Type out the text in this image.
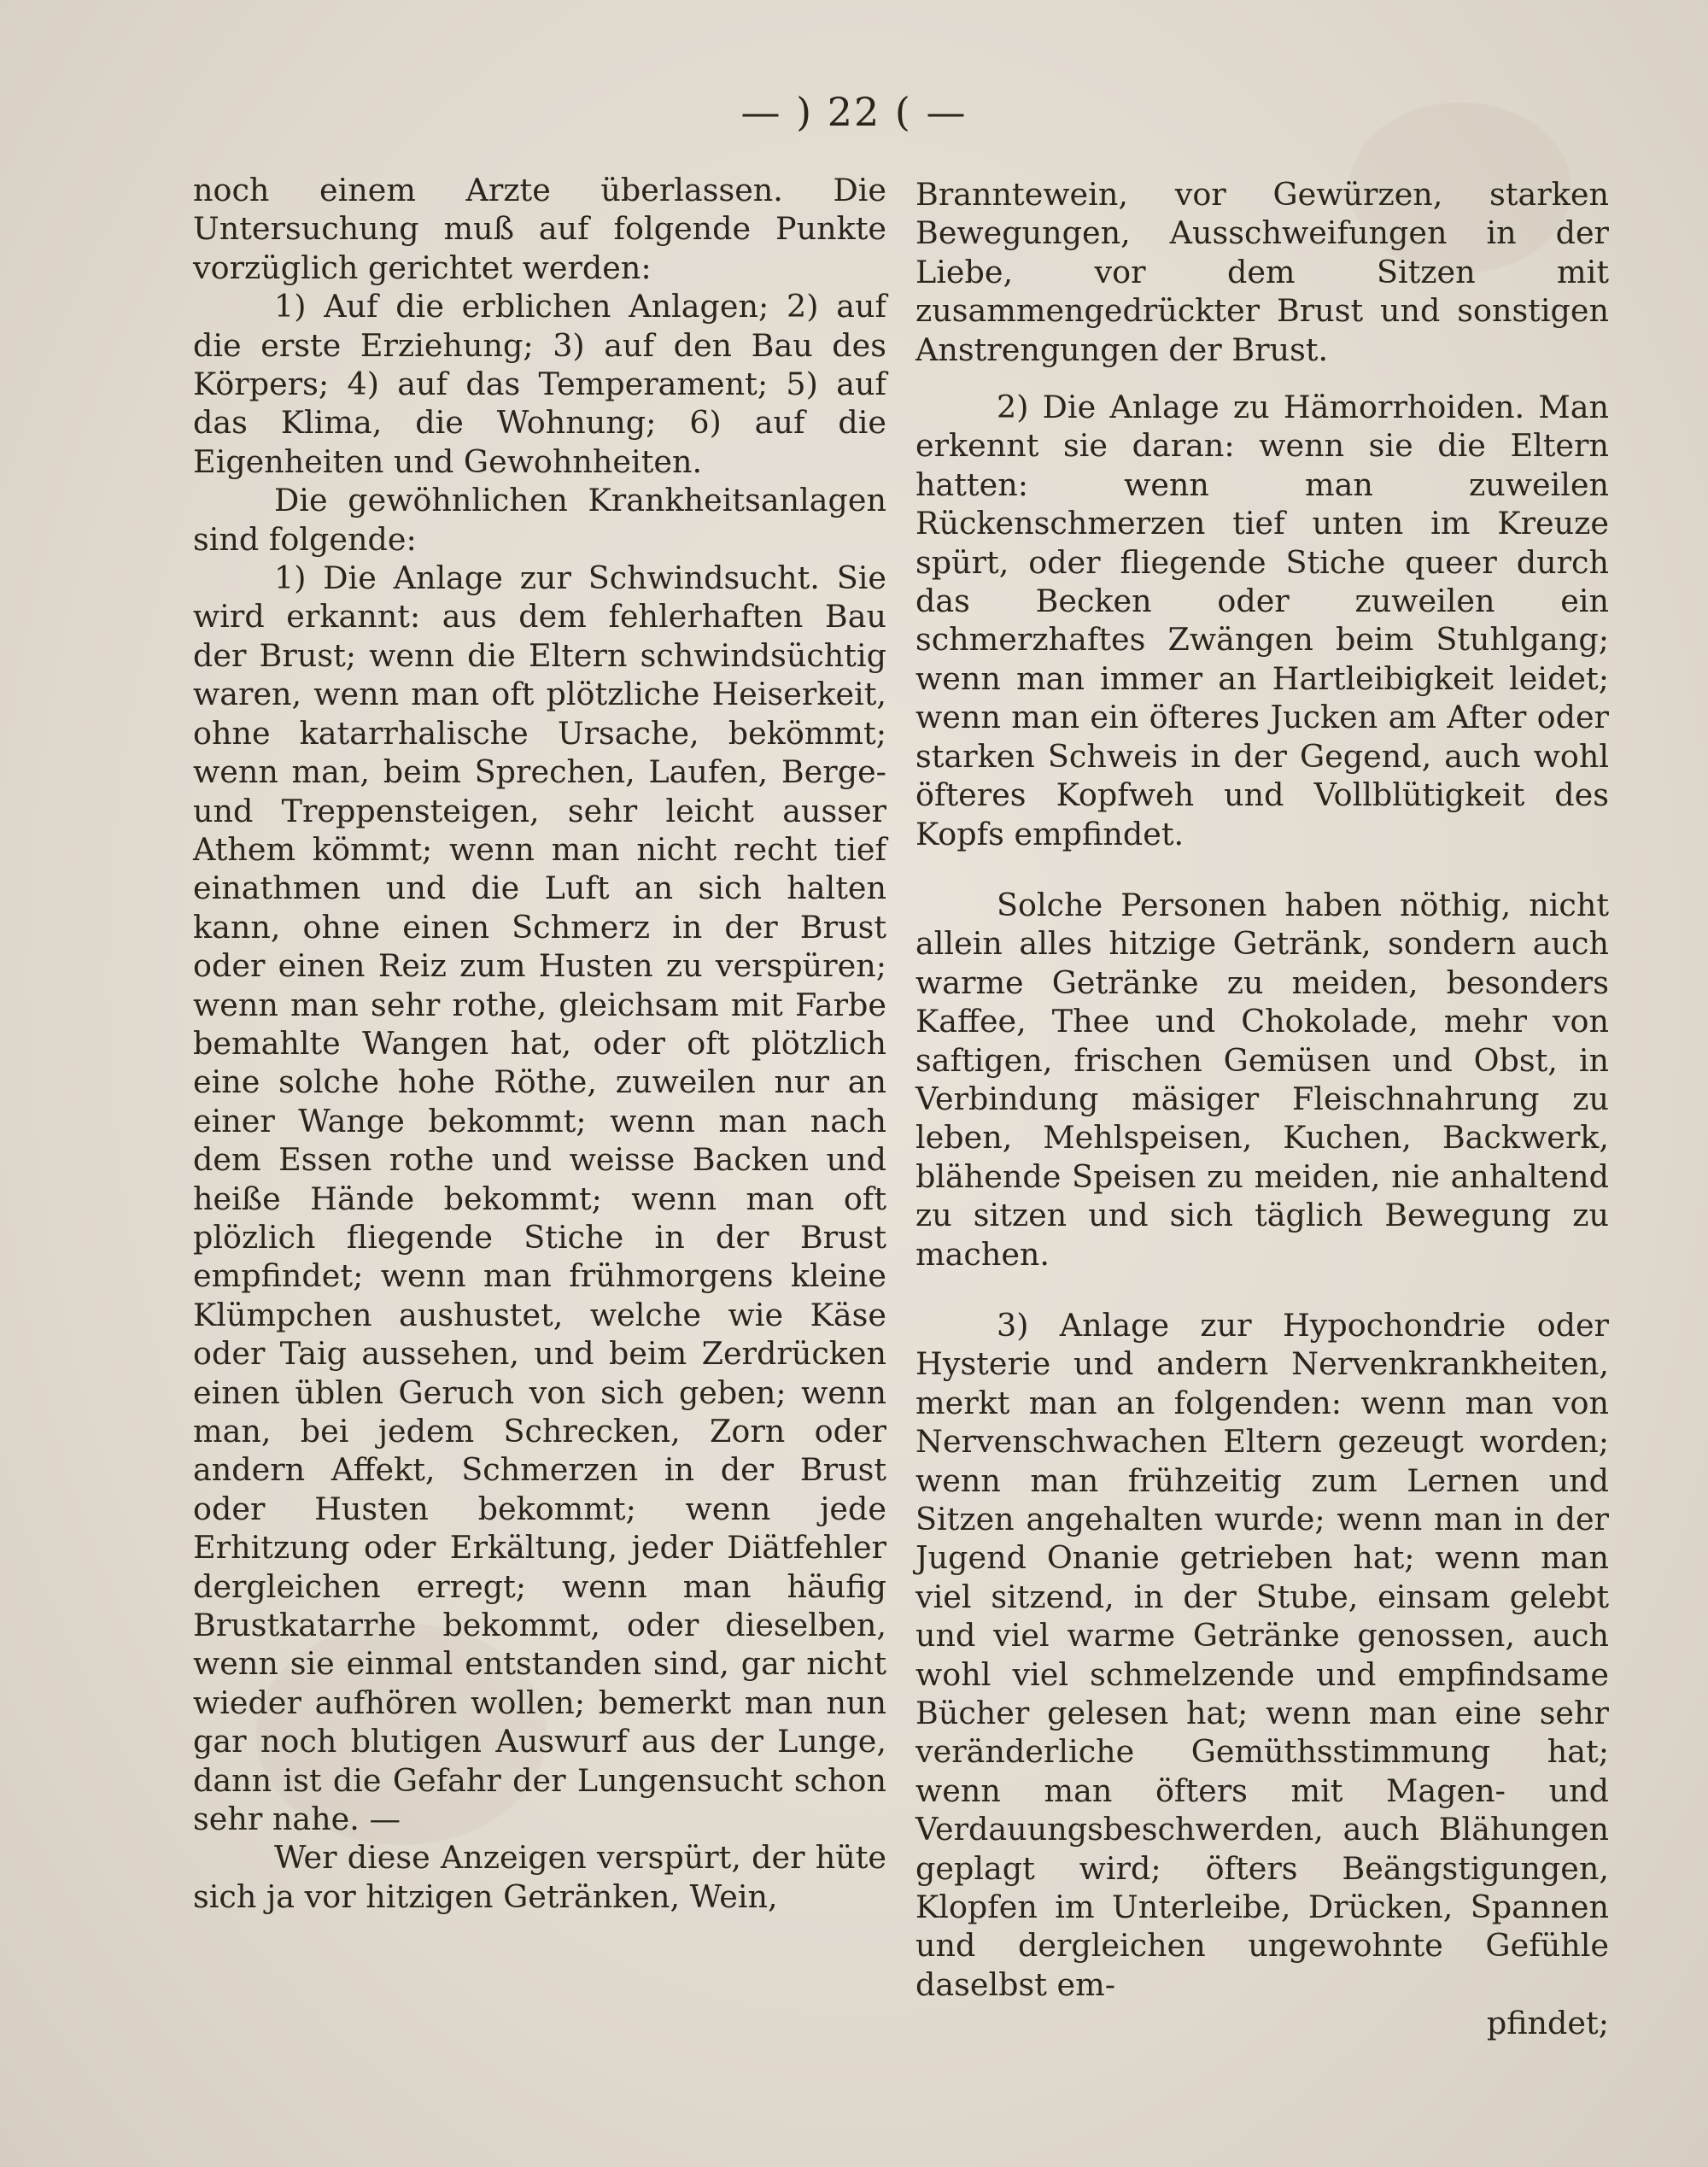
— ) 22 ( —

noch einem Arzte überlassen. Die Untersuchung muß auf folgende Punkte vorzüglich gerichtet werden:

1) Auf die erblichen Anlagen; 2) auf die erste Erziehung; 3) auf den Bau des Körpers; 4) auf das Temperament; 5) auf das Klima, die Wohnung; 6) auf die Eigenheiten und Gewohnheiten.

Die gewöhnlichen Krankheitsanlagen sind folgende:

1) Die Anlage zur Schwindsucht. Sie wird erkannt: aus dem fehlerhaften Bau der Brust; wenn die Eltern schwindsüchtig waren, wenn man oft plötzliche Heiserkeit, ohne katarrhalische Ursache, bekömmt; wenn man, beim Sprechen, Laufen, Berge- und Treppensteigen, sehr leicht ausser Athem kömmt; wenn man nicht recht tief einathmen und die Luft an sich halten kann, ohne einen Schmerz in der Brust oder einen Reiz zum Husten zu verspüren; wenn man sehr rothe, gleichsam mit Farbe bemahlte Wangen hat, oder oft plötzlich eine solche hohe Röthe, zuweilen nur an einer Wange bekommt; wenn man nach dem Essen rothe und weisse Backen und heiße Hände bekommt; wenn man oft plözlich fliegende Stiche in der Brust empfindet; wenn man frühmorgens kleine Klümpchen aushustet, welche wie Käse oder Taig aussehen, und beim Zerdrücken einen üblen Geruch von sich geben; wenn man, bei jedem Schrecken, Zorn oder andern Affekt, Schmerzen in der Brust oder Husten bekommt; wenn jede Erhitzung oder Erkältung, jeder Diätfehler dergleichen erregt; wenn man häufig Brustkatarrhe bekommt, oder dieselben, wenn sie einmal entstanden sind, gar nicht wieder aufhören wollen; bemerkt man nun gar noch blutigen Auswurf aus der Lunge, dann ist die Gefahr der Lungensucht schon sehr nahe. —

Wer diese Anzeigen verspürt, der hüte sich ja vor hitzigen Getränken, Wein,

Branntewein, vor Gewürzen, starken Bewegungen, Ausschweifungen in der Liebe, vor dem Sitzen mit zusammengedrückter Brust und sonstigen Anstrengungen der Brust.

2) Die Anlage zu Hämorrhoiden. Man erkennt sie daran: wenn sie die Eltern hatten: wenn man zuweilen Rückenschmerzen tief unten im Kreuze spürt, oder fliegende Stiche queer durch das Becken oder zuweilen ein schmerzhaftes Zwängen beim Stuhlgang; wenn man immer an Hartleibigkeit leidet; wenn man ein öfteres Jucken am After oder starken Schweis in der Gegend, auch wohl öfteres Kopfweh und Vollblütigkeit des Kopfs empfindet.

Solche Personen haben nöthig, nicht allein alles hitzige Getränk, sondern auch warme Getränke zu meiden, besonders Kaffee, Thee und Chokolade, mehr von saftigen, frischen Gemüsen und Obst, in Verbindung mäsiger Fleischnahrung zu leben, Mehlspeisen, Kuchen, Backwerk, blähende Speisen zu meiden, nie anhaltend zu sitzen und sich täglich Bewegung zu machen.

3) Anlage zur Hypochondrie oder Hysterie und andern Nervenkrankheiten, merkt man an folgenden: wenn man von Nervenschwachen Eltern gezeugt worden; wenn man frühzeitig zum Lernen und Sitzen angehalten wurde; wenn man in der Jugend Onanie getrieben hat; wenn man viel sitzend, in der Stube, einsam gelebt und viel warme Getränke genossen, auch wohl viel schmelzende und empfindsame Bücher gelesen hat; wenn man eine sehr veränderliche Gemüthsstimmung hat; wenn man öfters mit Magen- und Verdauungsbeschwerden, auch Blähungen geplagt wird; öfters Beängstigungen, Klopfen im Unterleibe, Drücken, Spannen und dergleichen ungewohnte Gefühle daselbst em-

pfindet;
